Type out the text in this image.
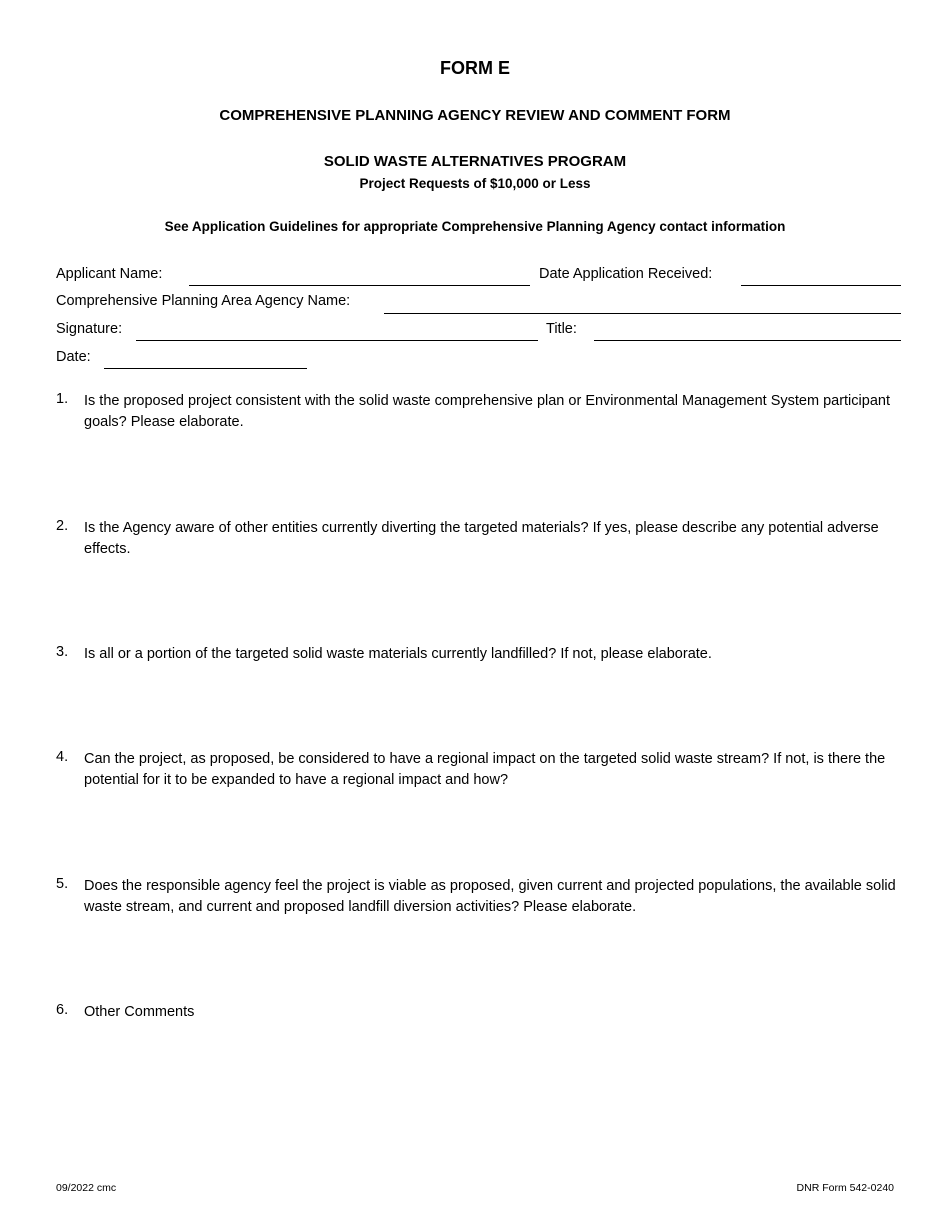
FORM E
COMPREHENSIVE PLANNING AGENCY REVIEW AND COMMENT FORM
SOLID WASTE ALTERNATIVES PROGRAM
Project Requests of $10,000 or Less
See Application Guidelines for appropriate Comprehensive Planning Agency contact information
Applicant Name:	Date Application Received:
Comprehensive Planning Area Agency Name:
Signature:	Title:
Date:
1. Is the proposed project consistent with the solid waste comprehensive plan or Environmental Management System participant goals? Please elaborate.
2. Is the Agency aware of other entities currently diverting the targeted materials? If yes, please describe any potential adverse effects.
3. Is all or a portion of the targeted solid waste materials currently landfilled? If not, please elaborate.
4. Can the project, as proposed, be considered to have a regional impact on the targeted solid waste stream? If not, is there the potential for it to be expanded to have a regional impact and how?
5. Does the responsible agency feel the project is viable as proposed, given current and projected populations, the available solid waste stream, and current and proposed landfill diversion activities? Please elaborate.
6. Other Comments
09/2022 cmc	DNR Form 542-0240
